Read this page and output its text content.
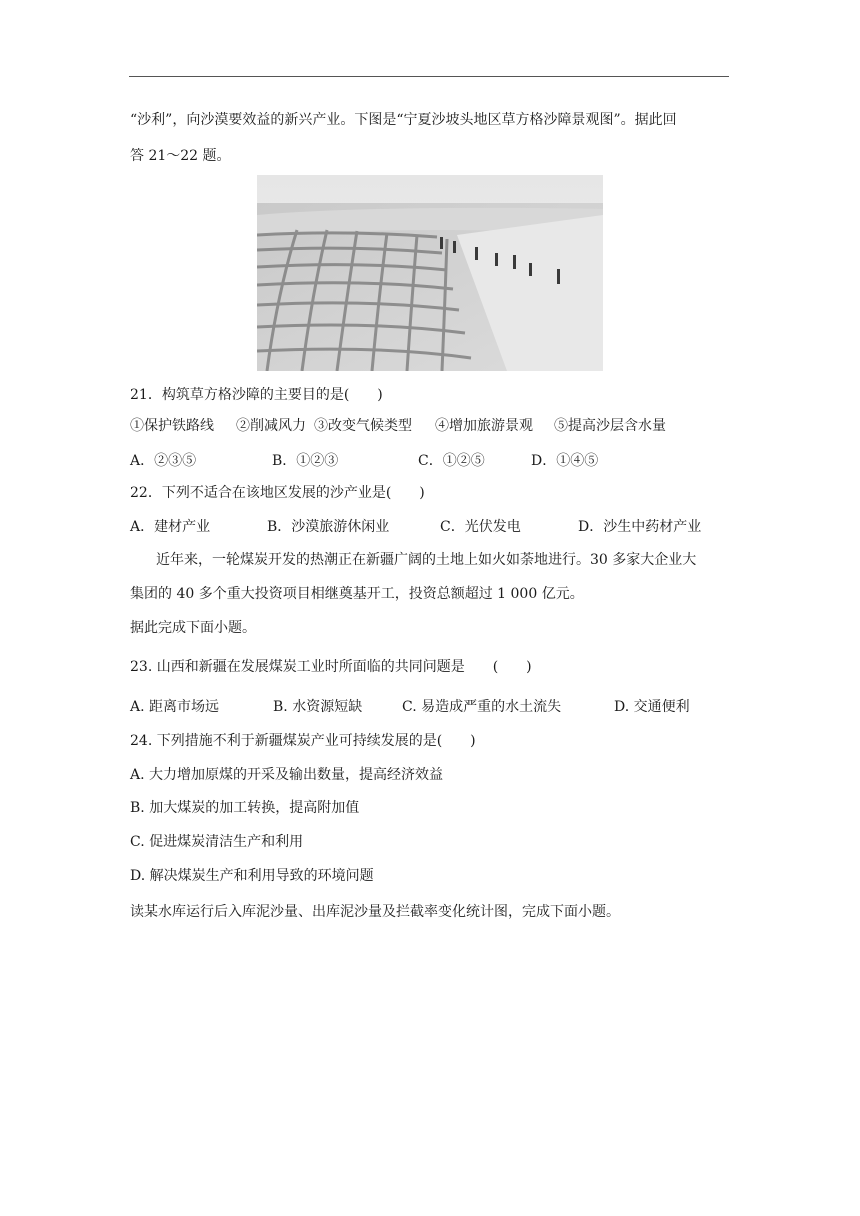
“沙利”，向沙漠要效益的新兴产业。下图是“宁夏沙坡头地区草方格沙障景观图”。据此回
答 21～22 题。
21．构筑草方格沙障的主要目的是(　　)
①保护铁路线 ②削减风力 ③改变气候类型 ④增加旅游景观 ⑤提高沙层含水量
A．②③⑤	B．①②③	C．①②⑤	D．①④⑤
22．下列不适合在该地区发展的沙产业是(　　)
A．建材产业	B．沙漠旅游休闲业	C．光伏发电	D．沙生中药材产业
近年来，一轮煤炭开发的热潮正在新疆广阔的土地上如火如荼地进行。30 多家大企业大
集团的 40 多个重大投资项目相继奠基开工，投资总额超过 1 000 亿元。
据此完成下面小题。
23. 山西和新疆在发展煤炭工业时所面临的共同问题是　　(　　)
A. 距离市场远	B. 水资源短缺	C. 易造成严重的水土流失	D. 交通便利
24. 下列措施不利于新疆煤炭产业可持续发展的是(　　)
A. 大力增加原煤的开采及输出数量，提高经济效益
B. 加大煤炭的加工转换，提高附加值
C. 促进煤炭清洁生产和利用
D. 解决煤炭生产和利用导致的环境问题
读某水库运行后入库泥沙量、出库泥沙量及拦截率变化统计图，完成下面小题。
